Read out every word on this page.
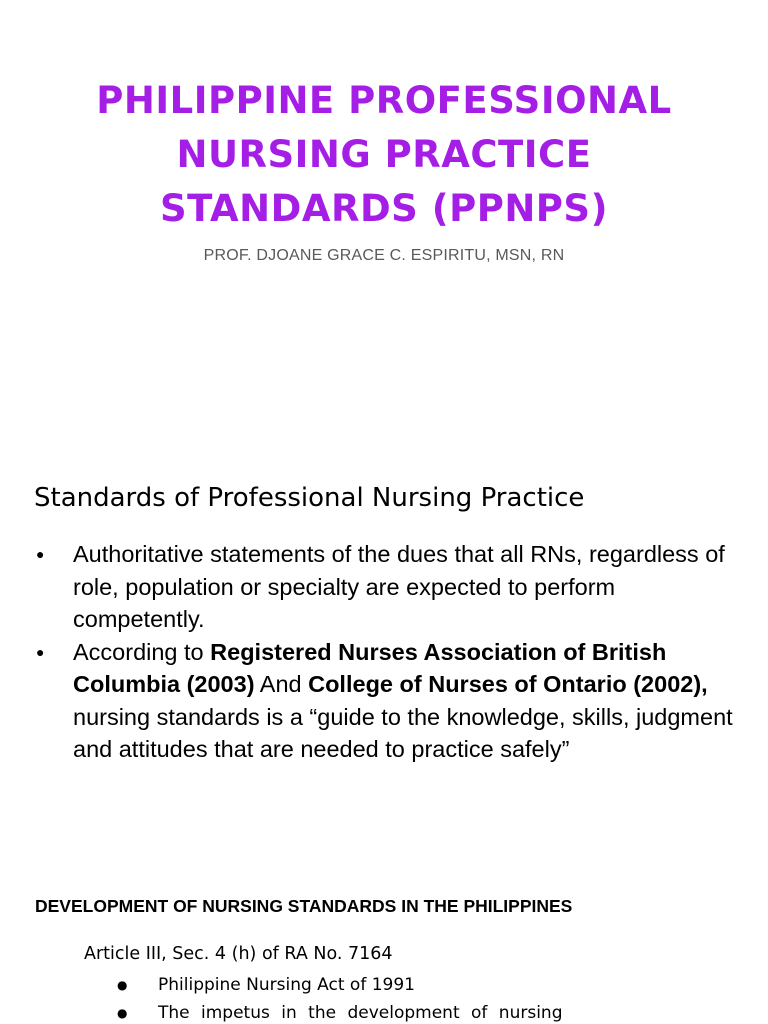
PHILIPPINE PROFESSIONAL
NURSING PRACTICE
STANDARDS (PPNPS)
PROF. DJOANE GRACE C. ESPIRITU, MSN, RN
Standards of Professional Nursing Practice
● Authoritative statements of the dues that all RNs, regardless of role, population or specialty are expected to perform competently.
● According to Registered Nurses Association of British Columbia (2003) And College of Nurses of Ontario (2002), nursing standards is a “guide to the knowledge, skills, judgment and attitudes that are needed to practice safely”
DEVELOPMENT OF NURSING STANDARDS IN THE PHILIPPINES
Article III, Sec. 4 (h) of RA No. 7164
● Philippine Nursing Act of 1991
● The impetus in the development of nursing
